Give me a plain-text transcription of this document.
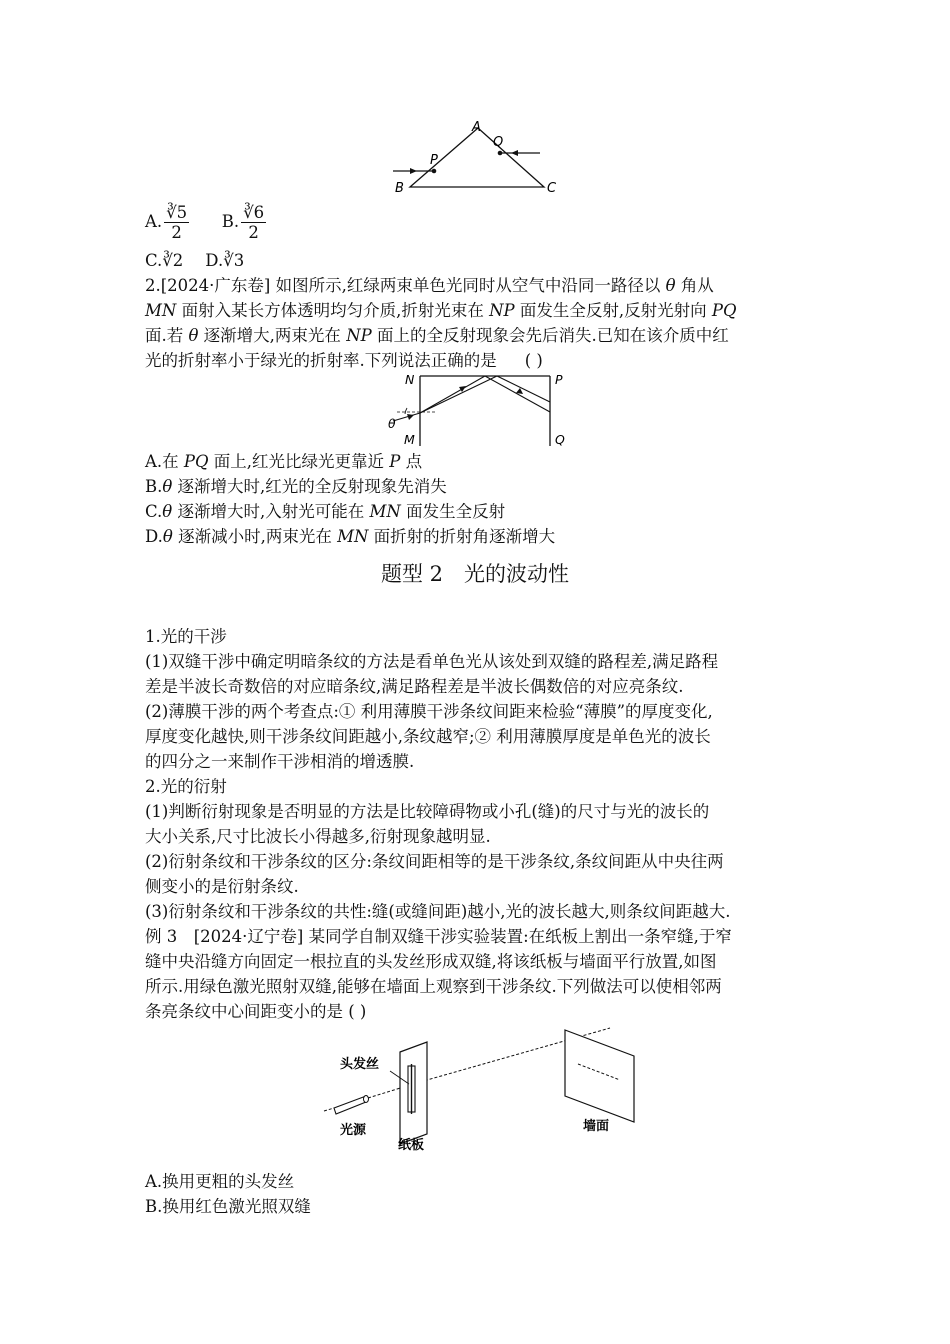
A
P
Q
B	C
A. $\frac{∛5}{2} B$. $\frac{∛6}{2}$
C.∛2 D.∛3
2.[2024·广东卷] 如图所示,红绿两束单色光同时从空气中沿同一路径以 θ 角从
MN 面射入某长方体透明均匀介质,折射光束在 NP 面发生全反射,反射光射向 PQ
面.若 θ 逐渐增大,两束光在 NP 面上的全反射现象会先后消失.已知在该介质中红
光的折射率小于绿光的折射率.下列说法正确的是 ( )
N	P
M	Q
θ
A.在 PQ 面上,红光比绿光更靠近 P 点
B.θ 逐渐增大时,红光的全反射现象先消失
C.θ 逐渐增大时,入射光可能在 MN 面发生全反射
D.θ 逐渐减小时,两束光在 MN 面折射的折射角逐渐增大
题型 2　光的波动性
1.光的干涉
(1)双缝干涉中确定明暗条纹的方法是看单色光从该处到双缝的路程差,满足路程
差是半波长奇数倍的对应暗条纹,满足路程差是半波长偶数倍的对应亮条纹.
(2)薄膜干涉的两个考查点:① 利用薄膜干涉条纹间距来检验“薄膜”的厚度变化,
厚度变化越快,则干涉条纹间距越小,条纹越窄;② 利用薄膜厚度是单色光的波长
的四分之一来制作干涉相消的增透膜.
2.光的衍射
(1)判断衍射现象是否明显的方法是比较障碍物或小孔(缝)的尺寸与光的波长的
大小关系,尺寸比波长小得越多,衍射现象越明显.
(2)衍射条纹和干涉条纹的区分:条纹间距相等的是干涉条纹,条纹间距从中央往两
侧变小的是衍射条纹.
(3)衍射条纹和干涉条纹的共性:缝(或缝间距)越小,光的波长越大,则条纹间距越大.
例 3　[2024·辽宁卷] 某同学自制双缝干涉实验装置:在纸板上割出一条窄缝,于窄
缝中央沿缝方向固定一根拉直的头发丝形成双缝,将该纸板与墙面平行放置,如图
所示.用绿色激光照射双缝,能够在墙面上观察到干涉条纹.下列做法可以使相邻两
条亮条纹中心间距变小的是 ( )
头发丝
墙面
光源
纸板
A.换用更粗的头发丝
B.换用红色激光照双缝
